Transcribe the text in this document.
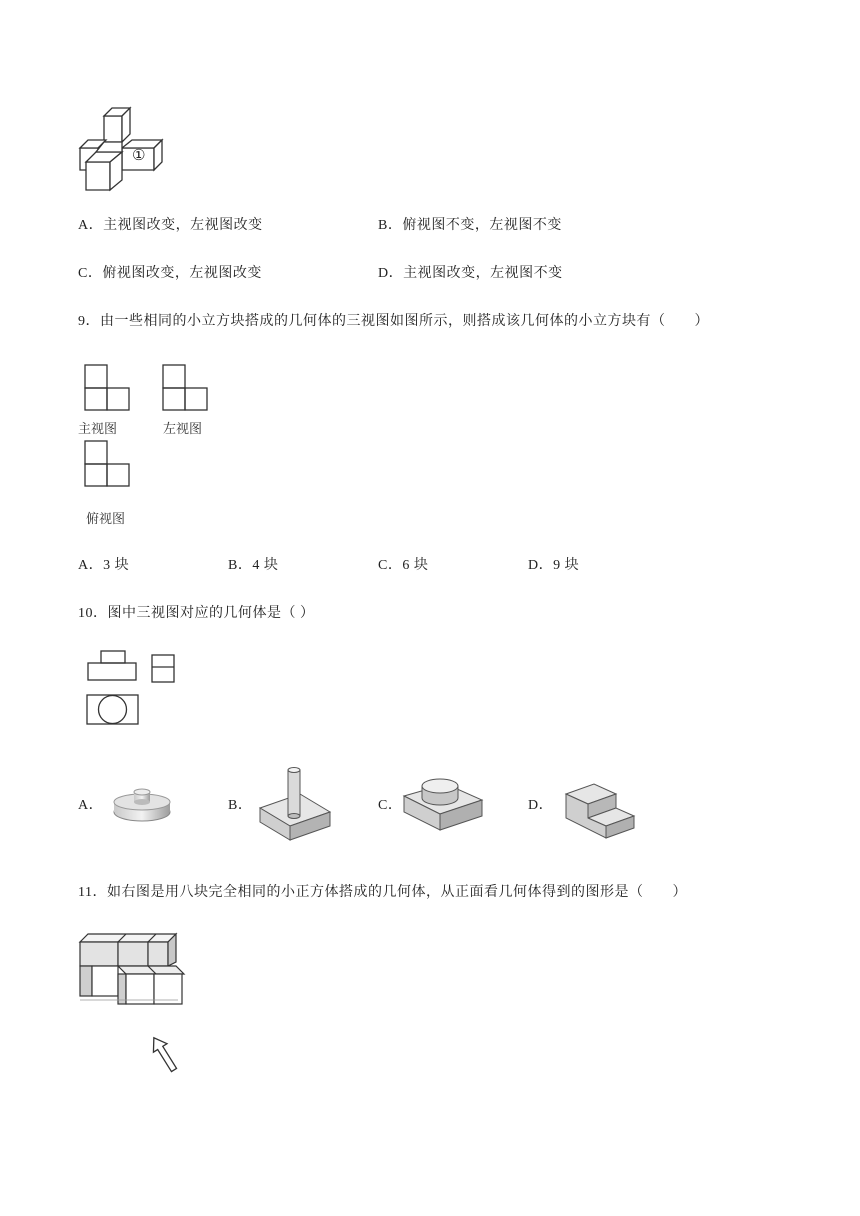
①
A．主视图改变，左视图改变	B．俯视图不变，左视图不变
C．俯视图改变，左视图改变	D．主视图改变，左视图不变
9．由一些相同的小立方块搭成的几何体的三视图如图所示，则搭成该几何体的小立方块有（　　）
主视图	左视图
俯视图
A．3 块	B．4 块	C．6 块	D．9 块
10．图中三视图对应的几何体是（ ）
A．	B．	C．	D．
11．如右图是用八块完全相同的小正方体搭成的几何体，从正面看几何体得到的图形是（　　）
